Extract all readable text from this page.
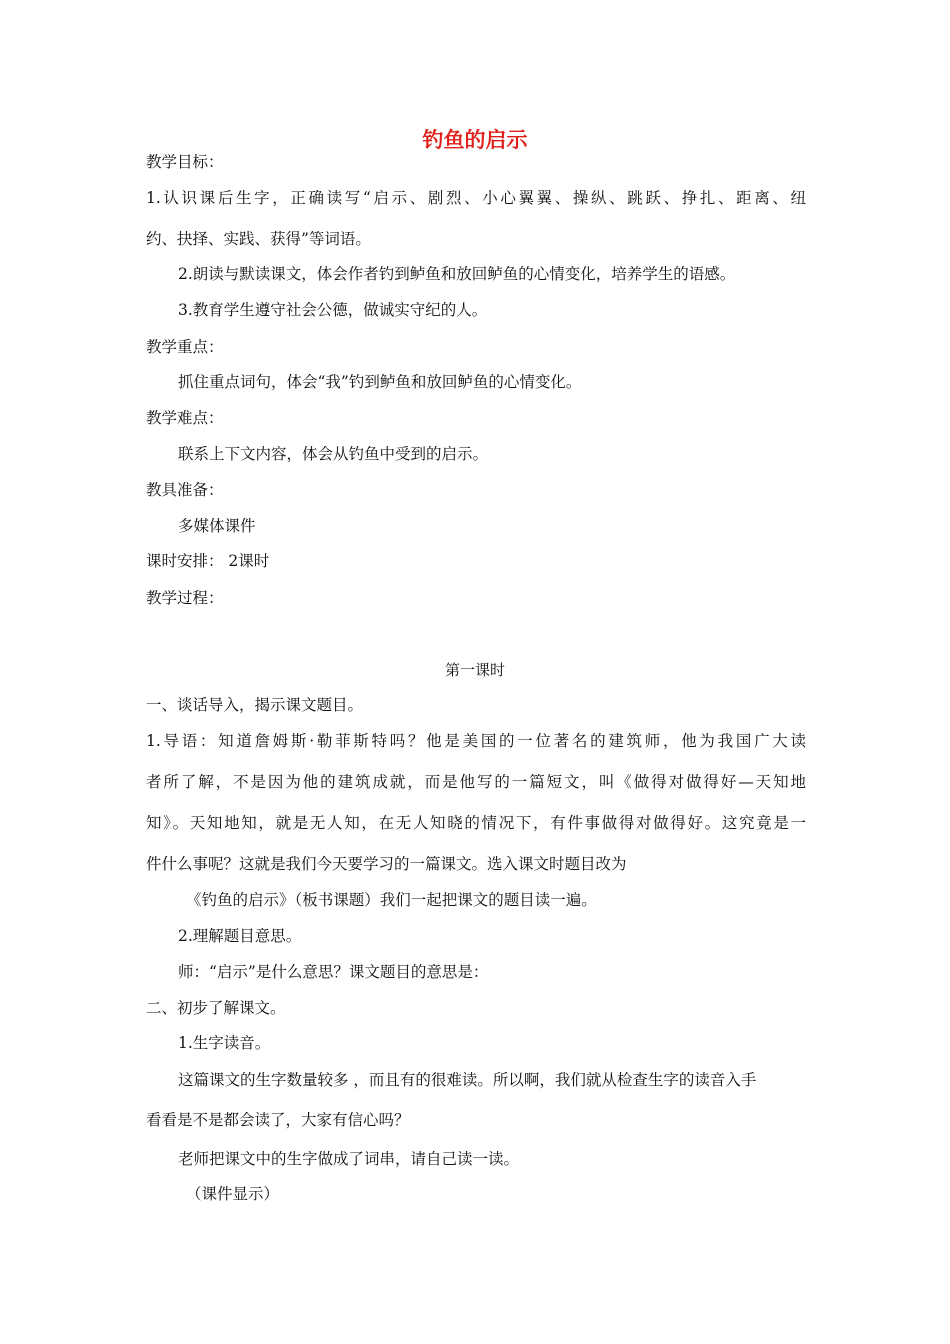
钓鱼的启示
教学目标：
1.认识课后生字，正确读写“启示、剧烈、小心翼翼、操纵、跳跃、挣扎、距离、纽
约、抉择、实践、获得”等词语。
2.朗读与默读课文，体会作者钓到鲈鱼和放回鲈鱼的心情变化，培养学生的语感。
3.教育学生遵守社会公德，做诚实守纪的人。
教学重点：
抓住重点词句，体会“我”钓到鲈鱼和放回鲈鱼的心情变化。
教学难点：
联系上下文内容，体会从钓鱼中受到的启示。
教具准备：
多媒体课件
课时安排： 2课时
教学过程：
第一课时
一、谈话导入，揭示课文题目。
1.导语：知道詹姆斯·勒菲斯特吗？他是美国的一位著名的建筑师，他为我国广大读
者所了解，不是因为他的建筑成就，而是他写的一篇短文，叫《做得对做得好—天知地
知》。天知地知，就是无人知，在无人知晓的情况下，有件事做得对做得好。这究竟是一
件什么事呢？这就是我们今天要学习的一篇课文。选入课文时题目改为
《钓鱼的启示》（板书课题）我们一起把课文的题目读一遍。
2.理解题目意思。
师：“启示”是什么意思？课文题目的意思是：
二、初步了解课文。
1.生字读音。
这篇课文的生字数量较多 ，而且有的很难读。所以啊，我们就从检查生字的读音入手
看看是不是都会读了，大家有信心吗？
老师把课文中的生字做成了词串，请自己读一读。
（课件显示）
